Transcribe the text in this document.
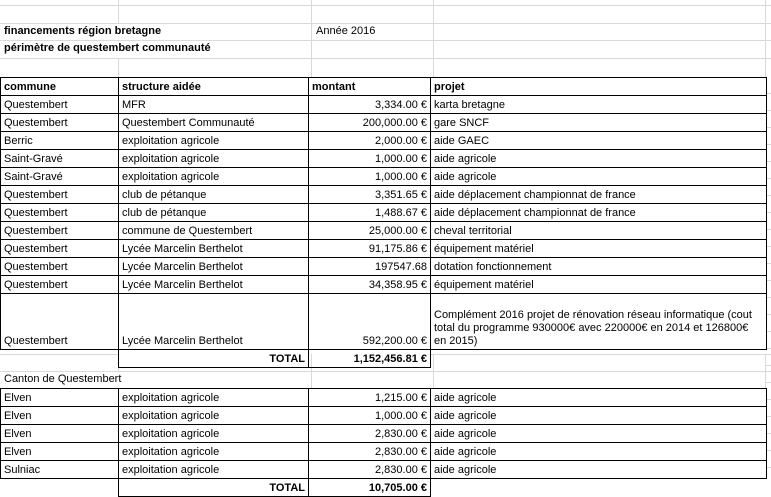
financements région bretagne	Année 2016
périmètre de questembert communauté
commune	structure aidée	montant	projet
Questembert	MFR	3,334.00 €	karta bretagne
Questembert	Questembert Communauté	200,000.00 €	gare SNCF
Berric	exploitation agricole	2,000.00 €	aide GAEC
Saint-Gravé	exploitation agricole	1,000.00 €	aide agricole
Saint-Gravé	exploitation agricole	1,000.00 €	aide agricole
Questembert	club de pétanque	3,351.65 €	aide déplacement championnat de france
Questembert	club de pétanque	1,488.67 €	aide déplacement championnat de france
Questembert	commune de Questembert	25,000.00 €	cheval territorial
Questembert	Lycée Marcelin Berthelot	91,175.86 €	équipement matériel
Questembert	Lycée Marcelin Berthelot	197547.68	dotation fonctionnement
Questembert	Lycée Marcelin Berthelot	34,358.95 €	équipement matériel
Questembert	Lycée Marcelin Berthelot	592,200.00 €	Complément 2016 projet de rénovation réseau informatique (cout total du programme 930000€ avec 220000€ en 2014 et 126800€ en 2015)
	TOTAL	1,152,456.81 €	
Canton de Questembert
Elven	exploitation agricole	1,215.00 €	aide agricole
Elven	exploitation agricole	1,000.00 €	aide agricole
Elven	exploitation agricole	2,830.00 €	aide agricole
Elven	exploitation agricole	2,830.00 €	aide agricole
Sulniac	exploitation agricole	2,830.00 €	aide agricole
	TOTAL	10,705.00 €	
